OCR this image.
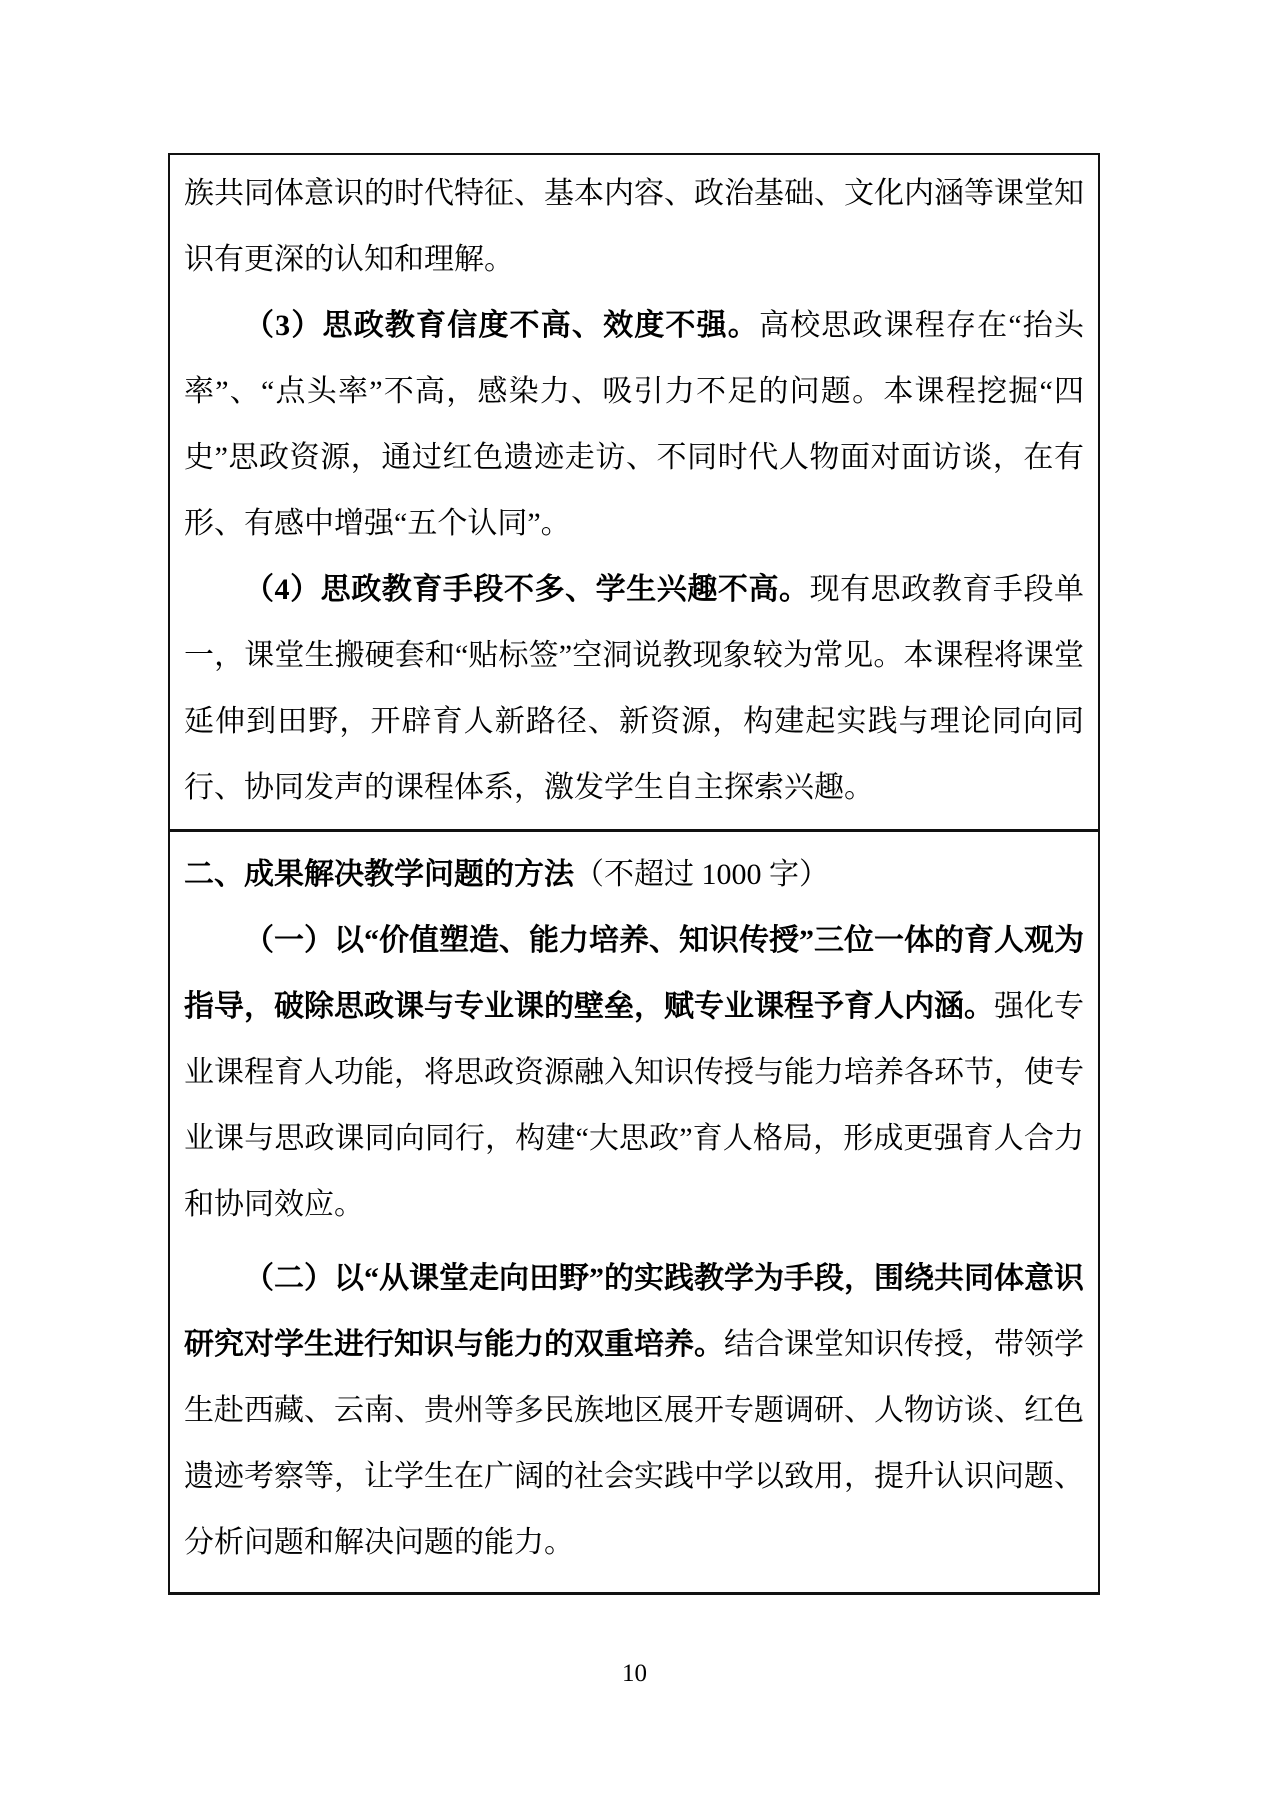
族共同体意识的时代特征、基本内容、政治基础、文化内涵等课堂知识有更深的认知和理解。

（3）思政教育信度不高、效度不强。高校思政课程存在“抬头率”、“点头率”不高，感染力、吸引力不足的问题。本课程挖掘“四史”思政资源，通过红色遗迹走访、不同时代人物面对面访谈，在有形、有感中增强“五个认同”。

（4）思政教育手段不多、学生兴趣不高。现有思政教育手段单一，课堂生搬硬套和“贴标签”空洞说教现象较为常见。本课程将课堂延伸到田野，开辟育人新路径、新资源，构建起实践与理论同向同行、协同发声的课程体系，激发学生自主探索兴趣。

二、成果解决教学问题的方法（不超过 1000 字）

（一）以“价值塑造、能力培养、知识传授”三位一体的育人观为指导，破除思政课与专业课的壁垒，赋专业课程予育人内涵。强化专业课程育人功能，将思政资源融入知识传授与能力培养各环节，使专业课与思政课同向同行，构建“大思政”育人格局，形成更强育人合力和协同效应。

（二）以“从课堂走向田野”的实践教学为手段，围绕共同体意识研究对学生进行知识与能力的双重培养。结合课堂知识传授，带领学生赴西藏、云南、贵州等多民族地区展开专题调研、人物访谈、红色遗迹考察等，让学生在广阔的社会实践中学以致用，提升认识问题、分析问题和解决问题的能力。

10
